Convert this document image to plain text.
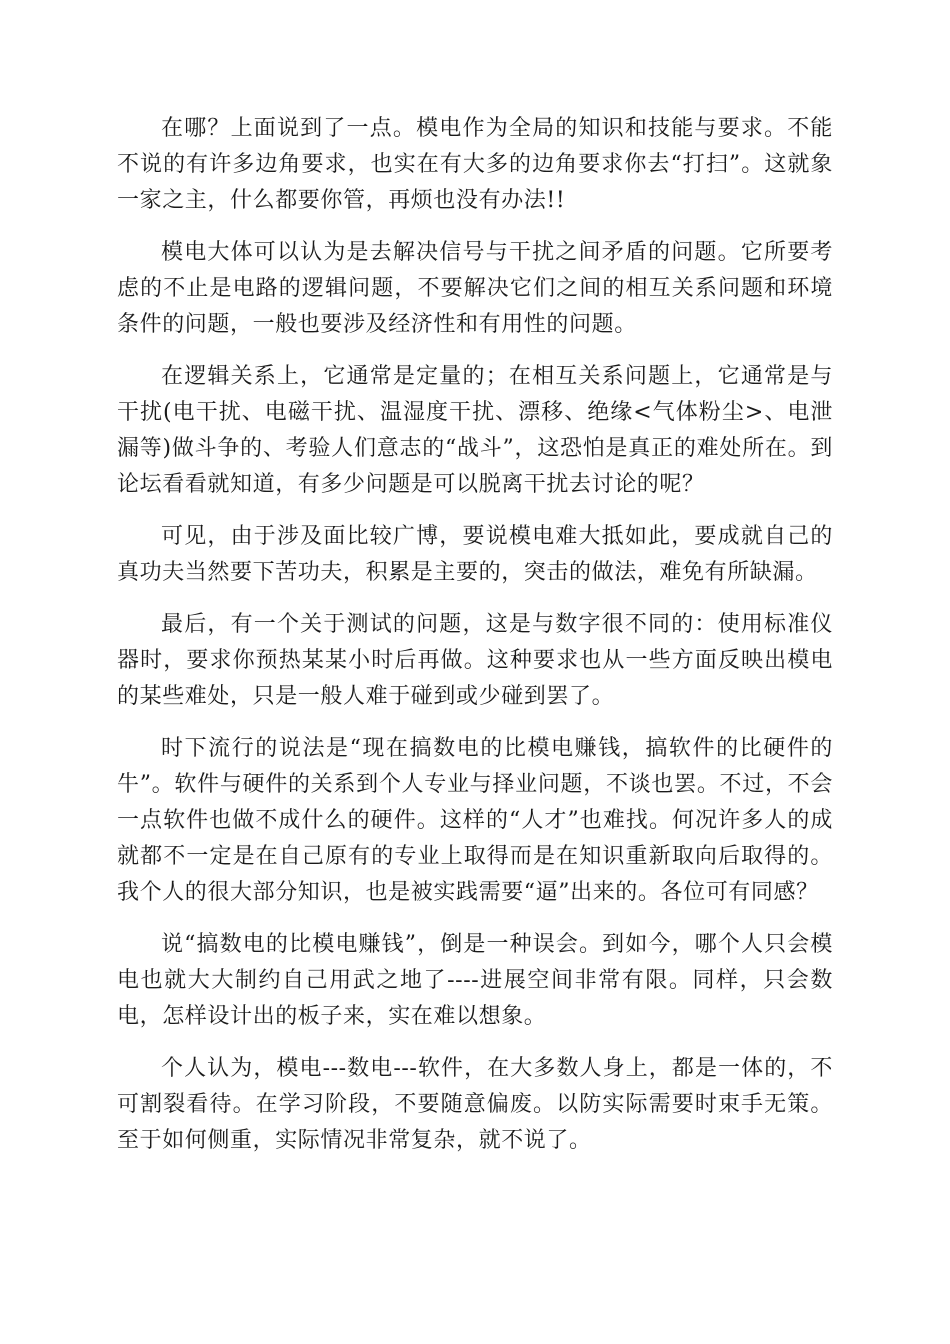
在哪？上面说到了一点。模电作为全局的知识和技能与要求。不能不说的有许多边角要求，也实在有大多的边角要求你去“打扫”。这就象一家之主，什么都要你管，再烦也没有办法!!

模电大体可以认为是去解决信号与干扰之间矛盾的问题。它所要考虑的不止是电路的逻辑问题，不要解决它们之间的相互关系问题和环境条件的问题，一般也要涉及经济性和有用性的问题。

在逻辑关系上，它通常是定量的；在相互关系问题上，它通常是与干扰(电干扰、电磁干扰、温湿度干扰、漂移、绝缘<气体粉尘>、电泄漏等)做斗争的、考验人们意志的“战斗”，这恐怕是真正的难处所在。到论坛看看就知道，有多少问题是可以脱离干扰去讨论的呢？

可见，由于涉及面比较广博，要说模电难大抵如此，要成就自己的真功夫当然要下苦功夫，积累是主要的，突击的做法，难免有所缺漏。

最后，有一个关于测试的问题，这是与数字很不同的：使用标准仪器时，要求你预热某某小时后再做。这种要求也从一些方面反映出模电的某些难处，只是一般人难于碰到或少碰到罢了。

时下流行的说法是“现在搞数电的比模电赚钱，搞软件的比硬件的牛”。软件与硬件的关系到个人专业与择业问题，不谈也罢。不过，不会一点软件也做不成什么的硬件。这样的“人才”也难找。何况许多人的成就都不一定是在自己原有的专业上取得而是在知识重新取向后取得的。我个人的很大部分知识，也是被实践需要“逼”出来的。各位可有同感？

说“搞数电的比模电赚钱”，倒是一种误会。到如今，哪个人只会模电也就大大制约自己用武之地了----进展空间非常有限。同样，只会数电，怎样设计出的板子来，实在难以想象。

个人认为，模电---数电---软件，在大多数人身上，都是一体的，不可割裂看待。在学习阶段，不要随意偏废。以防实际需要时束手无策。至于如何侧重，实际情况非常复杂，就不说了。
